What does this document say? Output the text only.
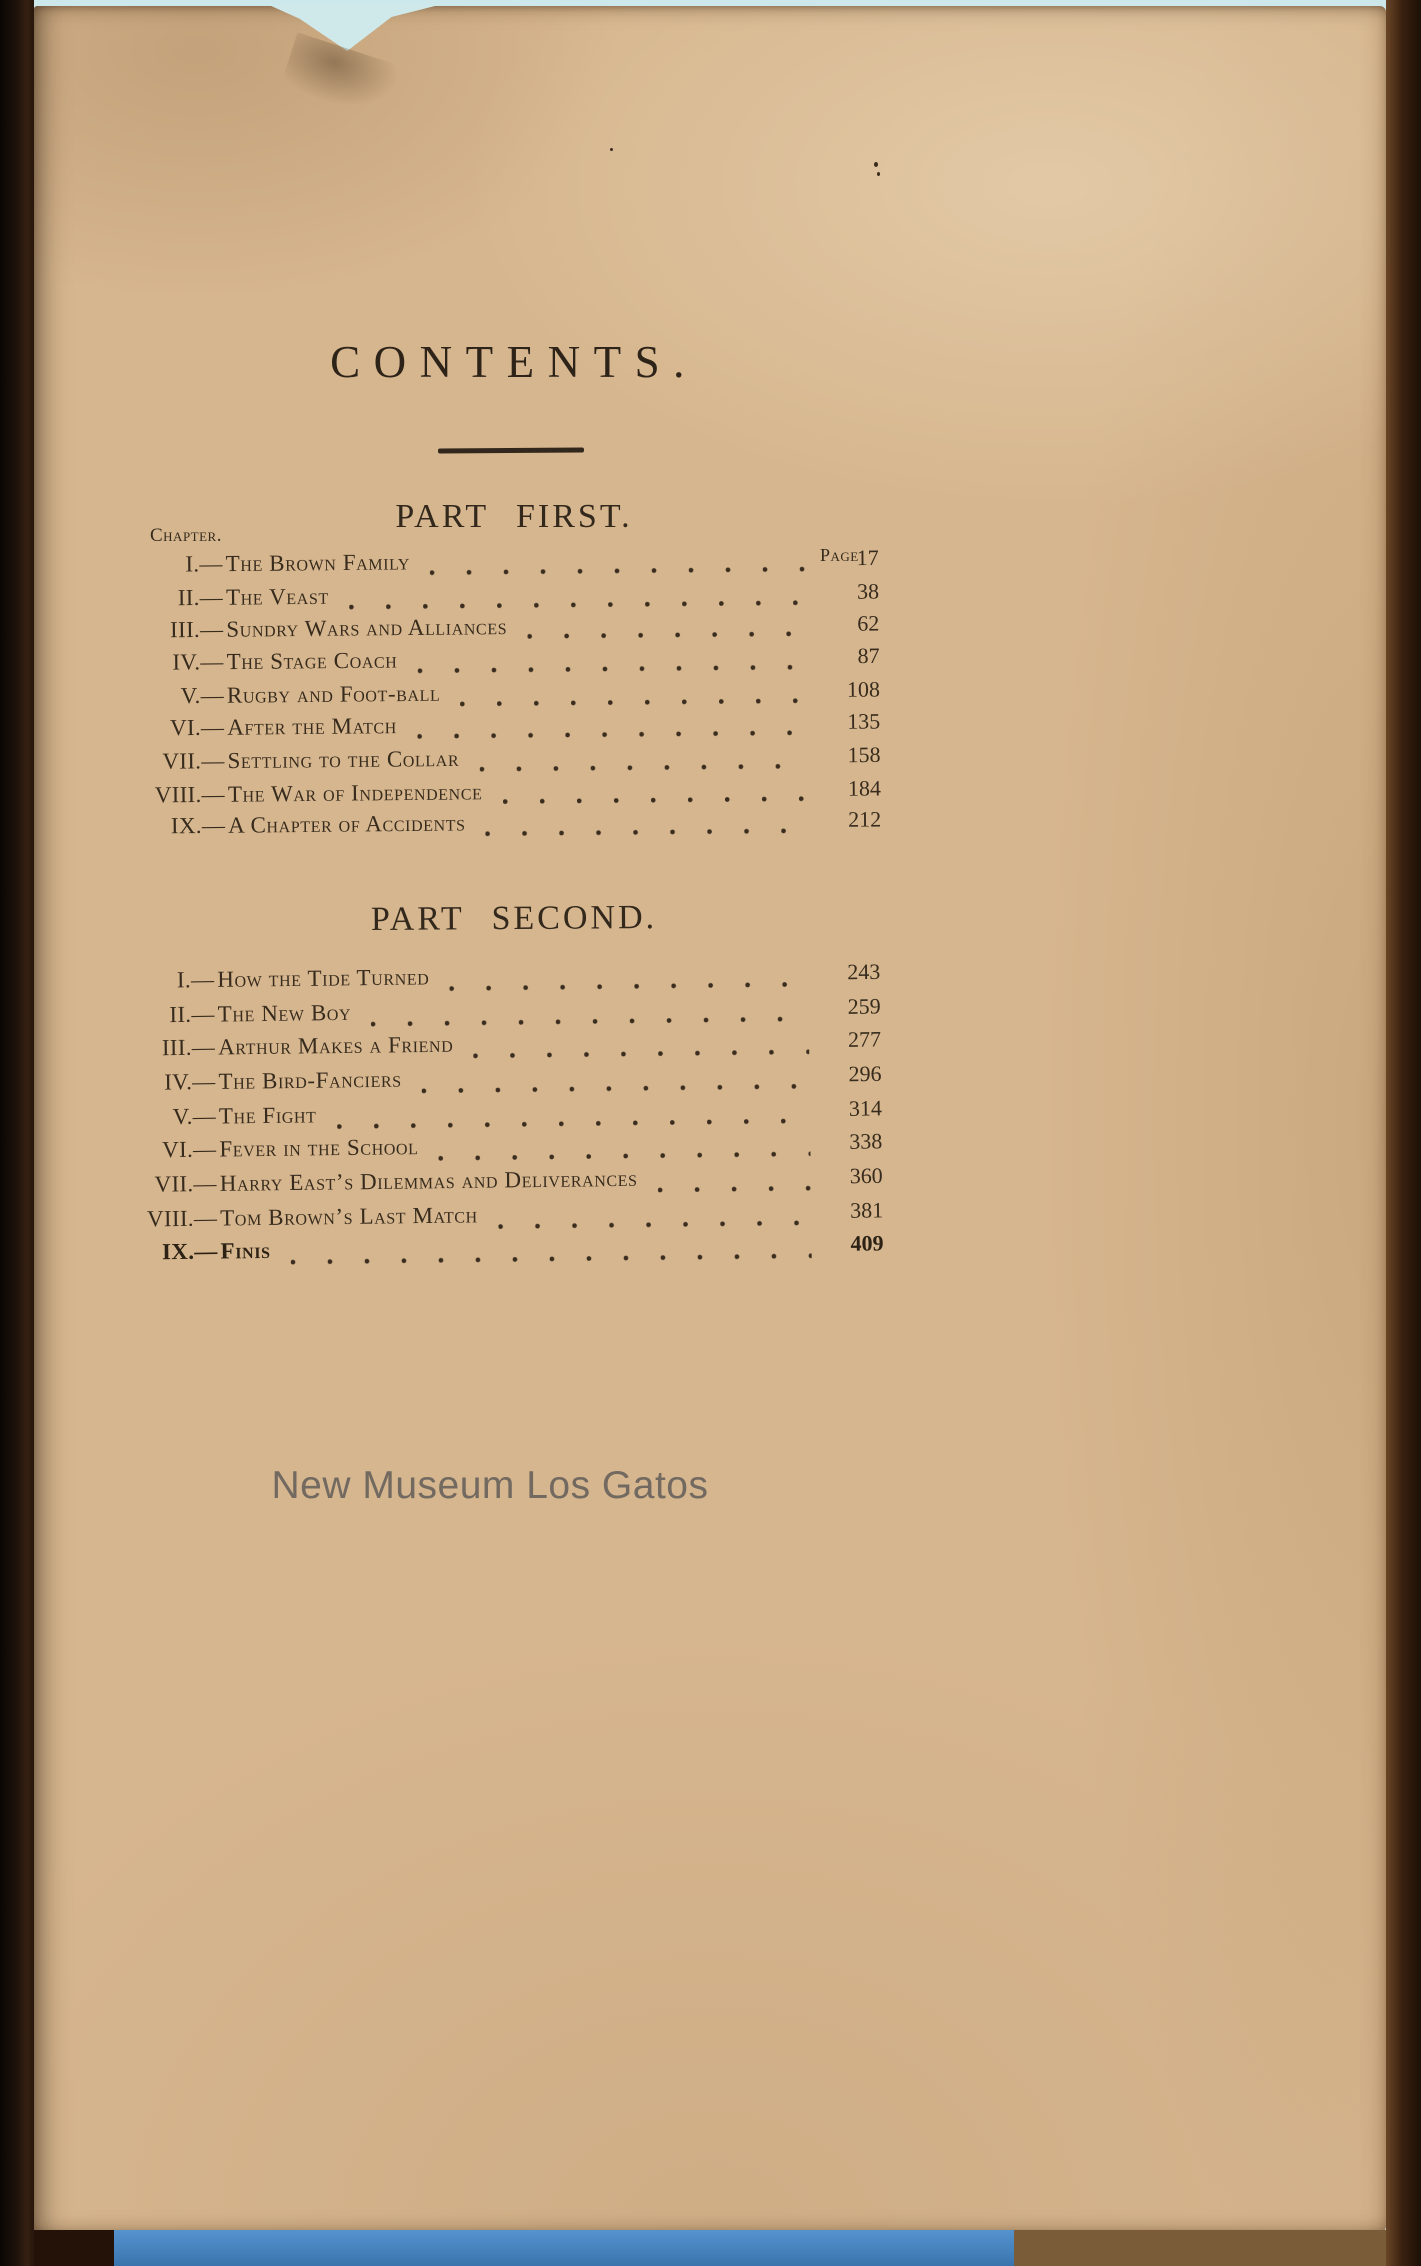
CONTENTS.
PART FIRST.
Chapter.
Page
I.— The Brown Family	17
II.— The Veast	38
III.— Sundry Wars and Alliances	62
IV.— The Stage Coach	87
V.— Rugby and Foot-ball	108
VI.— After the Match	135
VII.— Settling to the Collar	158
VIII.— The War of Independence	184
IX.— A Chapter of Accidents	212
PART SECOND.
I.— How the Tide Turned	243
II.— The New Boy	259
III.— Arthur Makes a Friend	277
IV.— The Bird-Fanciers	296
V.— The Fight	314
VI.— Fever in the School	338
VII.— Harry East’s Dilemmas and Deliverances	360
VIII.— Tom Brown’s Last Match	381
IX.— Finis	409
New Museum Los Gatos
